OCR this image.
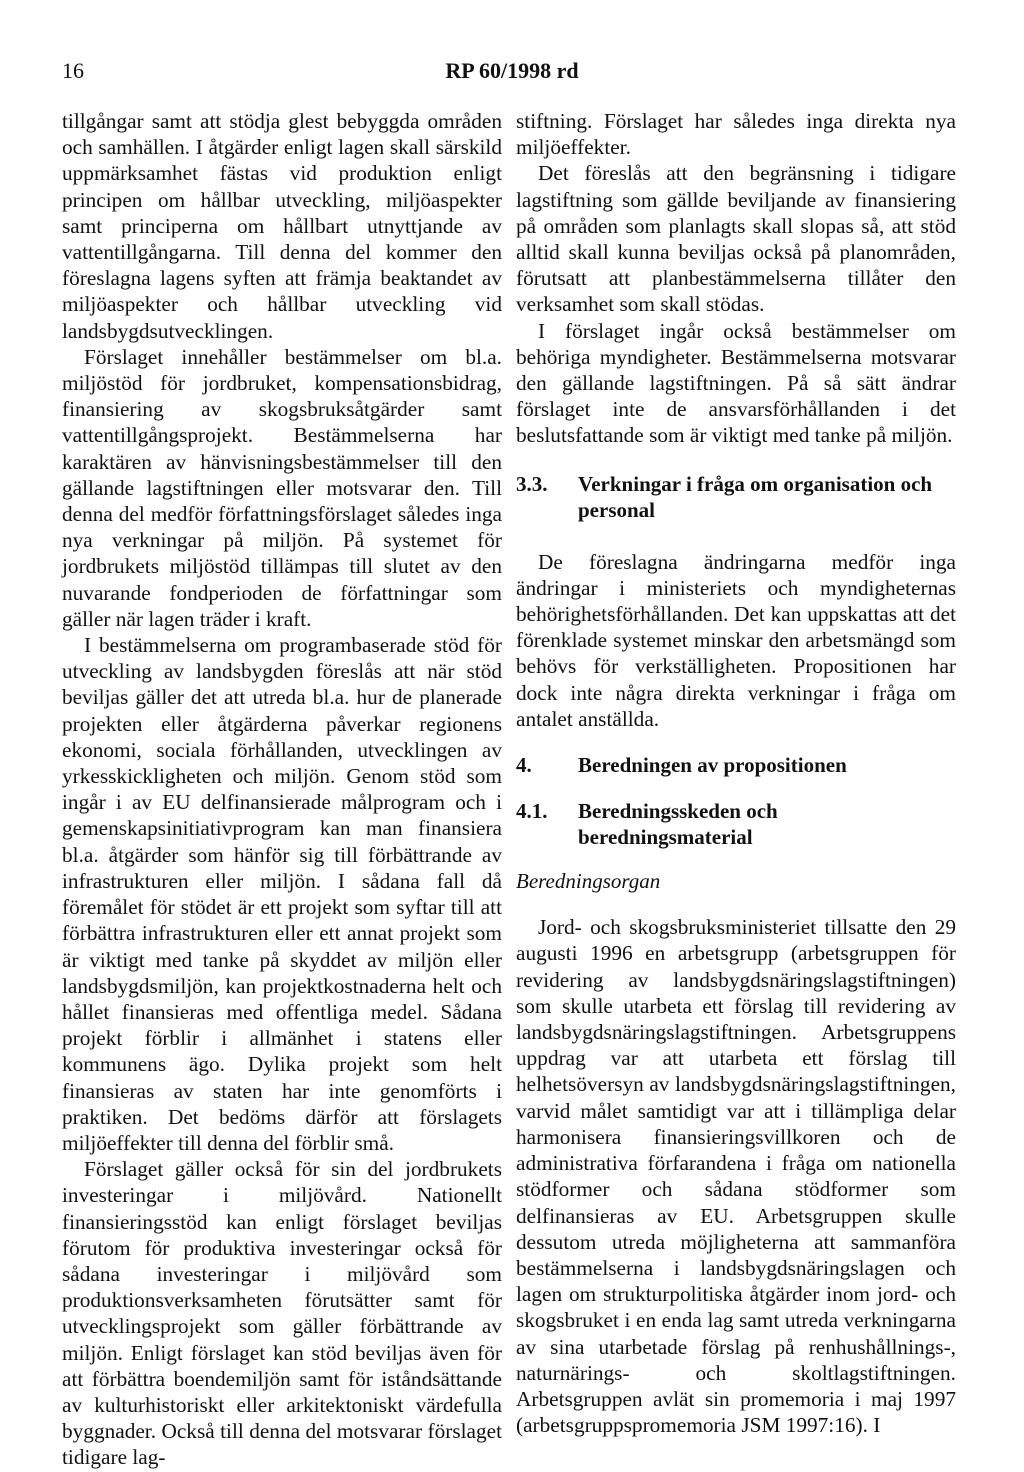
16	RP 60/1998 rd

tillgångar samt att stödja glest bebyggda områden och samhällen. I åtgärder enligt lagen skall särskild uppmärksamhet fästas vid produktion enligt principen om hållbar utveckling, miljöaspekter samt principerna om hållbart utnyttjande av vattentillgångarna. Till denna del kommer den föreslagna lagens syften att främja beaktandet av miljöaspekter och hållbar utveckling vid landsbygdsutvecklingen.

Förslaget innehåller bestämmelser om bl.a. miljöstöd för jordbruket, kompensationsbidrag, finansiering av skogsbruksåtgärder samt vattentillgångsprojekt. Bestämmelserna har karaktären av hänvisningsbestämmelser till den gällande lagstiftningen eller motsvarar den. Till denna del medför författningsförslaget således inga nya verkningar på miljön. På systemet för jordbrukets miljöstöd tillämpas till slutet av den nuvarande fondperioden de författningar som gäller när lagen träder i kraft.

I bestämmelserna om programbaserade stöd för utveckling av landsbygden föreslås att när stöd beviljas gäller det att utreda bl.a. hur de planerade projekten eller åtgärderna påverkar regionens ekonomi, sociala förhållanden, utvecklingen av yrkesskickligheten och miljön. Genom stöd som ingår i av EU delfinansierade målprogram och i gemenskapsinitiativprogram kan man finansiera bl.a. åtgärder som hänför sig till förbättrande av infrastrukturen eller miljön. I sådana fall då föremålet för stödet är ett projekt som syftar till att förbättra infrastrukturen eller ett annat projekt som är viktigt med tanke på skyddet av miljön eller landsbygdsmiljön, kan projektkostnaderna helt och hållet finansieras med offentliga medel. Sådana projekt förblir i allmänhet i statens eller kommunens ägo. Dylika projekt som helt finansieras av staten har inte genomförts i praktiken. Det bedöms därför att förslagets miljöeffekter till denna del förblir små.

Förslaget gäller också för sin del jordbrukets investeringar i miljövård. Nationellt finansieringsstöd kan enligt förslaget beviljas förutom för produktiva investeringar också för sådana investeringar i miljövård som produktionsverksamheten förutsätter samt för utvecklingsprojekt som gäller förbättrande av miljön. Enligt förslaget kan stöd beviljas även för att förbättra boendemiljön samt för iståndsättande av kulturhistoriskt eller arkitektoniskt värdefulla byggnader. Också till denna del motsvarar förslaget tidigare lag-

stiftning. Förslaget har således inga direkta nya miljöeffekter.

Det föreslås att den begränsning i tidigare lagstiftning som gällde beviljande av finansiering på områden som planlagts skall slopas så, att stöd alltid skall kunna beviljas också på planområden, förutsatt att planbestämmelserna tillåter den verksamhet som skall stödas.

I förslaget ingår också bestämmelser om behöriga myndigheter. Bestämmelserna motsvarar den gällande lagstiftningen. På så sätt ändrar förslaget inte de ansvarsförhållanden i det beslutsfattande som är viktigt med tanke på miljön.

3.3.	Verkningar i fråga om organisation och personal

De föreslagna ändringarna medför inga ändringar i ministeriets och myndigheternas behörighetsförhållanden. Det kan uppskattas att det förenklade systemet minskar den arbetsmängd som behövs för verkställigheten. Propositionen har dock inte några direkta verkningar i fråga om antalet anställda.

4.	Beredningen av propositionen
4.1.	Beredningsskeden och beredningsmaterial
Beredningsorgan

Jord- och skogsbruksministeriet tillsatte den 29 augusti 1996 en arbetsgrupp (arbetsgruppen för revidering av landsbygdsnäringslagstiftningen) som skulle utarbeta ett förslag till revidering av landsbygdsnäringslagstiftningen. Arbetsgruppens uppdrag var att utarbeta ett förslag till helhetsöversyn av landsbygdsnäringslagstiftningen, varvid målet samtidigt var att i tillämpliga delar harmonisera finansieringsvillkoren och de administrativa förfarandena i fråga om nationella stödformer och sådana stödformer som delfinansieras av EU. Arbetsgruppen skulle dessutom utreda möjligheterna att sammanföra bestämmelserna i landsbygdsnäringslagen och lagen om strukturpolitiska åtgärder inom jord- och skogsbruket i en enda lag samt utreda verkningarna av sina utarbetade förslag på renhushållnings-, naturnärings- och skoltlagstiftningen. Arbetsgruppen avlät sin promemoria i maj 1997 (arbetsgruppspromemoria JSM 1997:16). I
